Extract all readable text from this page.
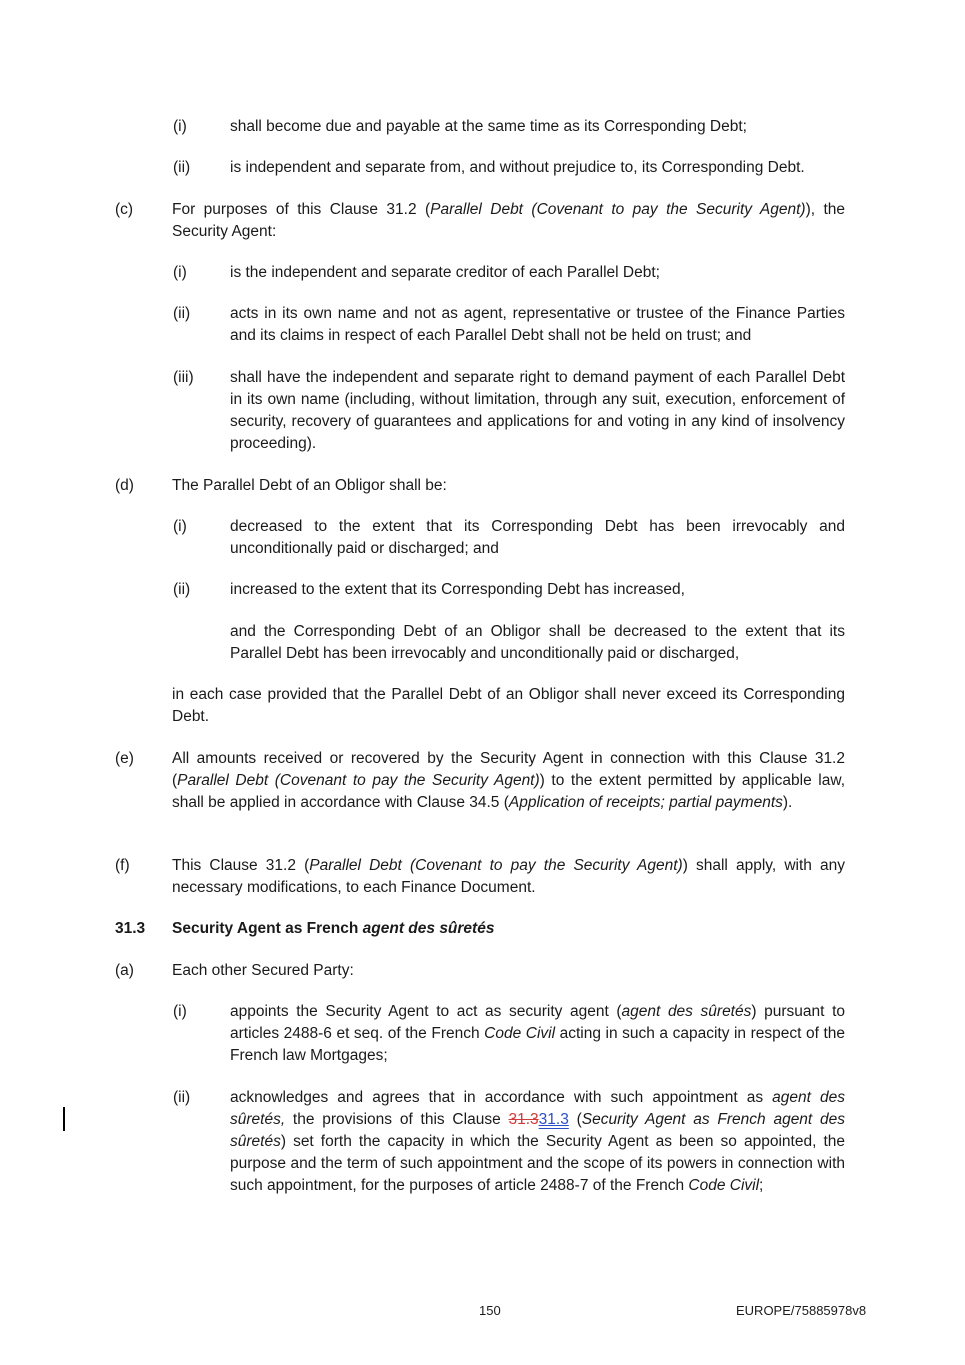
(i)	shall become due and payable at the same time as its Corresponding Debt;
(ii)	is independent and separate from, and without prejudice to, its Corresponding Debt.
(c)	For purposes of this Clause 31.2 (Parallel Debt (Covenant to pay the Security Agent)), the Security Agent:
(i)	is the independent and separate creditor of each Parallel Debt;
(ii)	acts in its own name and not as agent, representative or trustee of the Finance Parties and its claims in respect of each Parallel Debt shall not be held on trust; and
(iii) shall have the independent and separate right to demand payment of each Parallel Debt in its own name (including, without limitation, through any suit, execution, enforcement of security, recovery of guarantees and applications for and voting in any kind of insolvency proceeding).
(d) The Parallel Debt of an Obligor shall be:
(i)	decreased to the extent that its Corresponding Debt has been irrevocably and unconditionally paid or discharged; and
(ii)	increased to the extent that its Corresponding Debt has increased,
and the Corresponding Debt of an Obligor shall be decreased to the extent that its Parallel Debt has been irrevocably and unconditionally paid or discharged,
in each case provided that the Parallel Debt of an Obligor shall never exceed its Corresponding Debt.
(e) All amounts received or recovered by the Security Agent in connection with this Clause 31.2 (Parallel Debt (Covenant to pay the Security Agent)) to the extent permitted by applicable law, shall be applied in accordance with Clause 34.5 (Application of receipts; partial payments).
(f)	This Clause 31.2 (Parallel Debt (Covenant to pay the Security Agent)) shall apply, with any necessary modifications, to each Finance Document.
31.3 Security Agent as French agent des sûretés
(a) Each other Secured Party:
(i)	appoints the Security Agent to act as security agent (agent des sûretés) pursuant to articles 2488-6 et seq. of the French Code Civil acting in such a capacity in respect of the French law Mortgages;
(ii)	acknowledges and agrees that in accordance with such appointment as agent des sûretés, the provisions of this Clause 31.331.3 (Security Agent as French agent des sûretés) set forth the capacity in which the Security Agent as been so appointed, the purpose and the term of such appointment and the scope of its powers in connection with such appointment, for the purposes of article 2488-7 of the French Code Civil;
150	EUROPE/75885978v8
